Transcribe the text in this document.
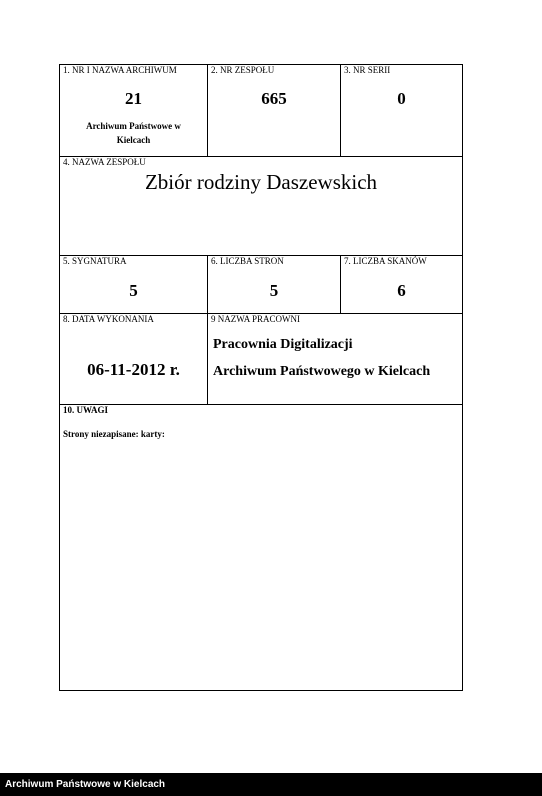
1. NR I NAZWA ARCHIWUM
21
Archiwum Państwowe w
Kielcach
2. NR ZESPOŁU
665
3. NR SERII
0
4. NAZWA ZESPOŁU
Zbiór rodziny Daszewskich
5. SYGNATURA
5
6. LICZBA STRON
5
7. LICZBA SKANÓW
6
8. DATA WYKONANIA
06-11-2012 r.
9 NAZWA PRACOWNI
Pracownia Digitalizacji
Archiwum Państwowego w Kielcach
10. UWAGI
Strony niezapisane: karty:
Archiwum Państwowe w Kielcach
